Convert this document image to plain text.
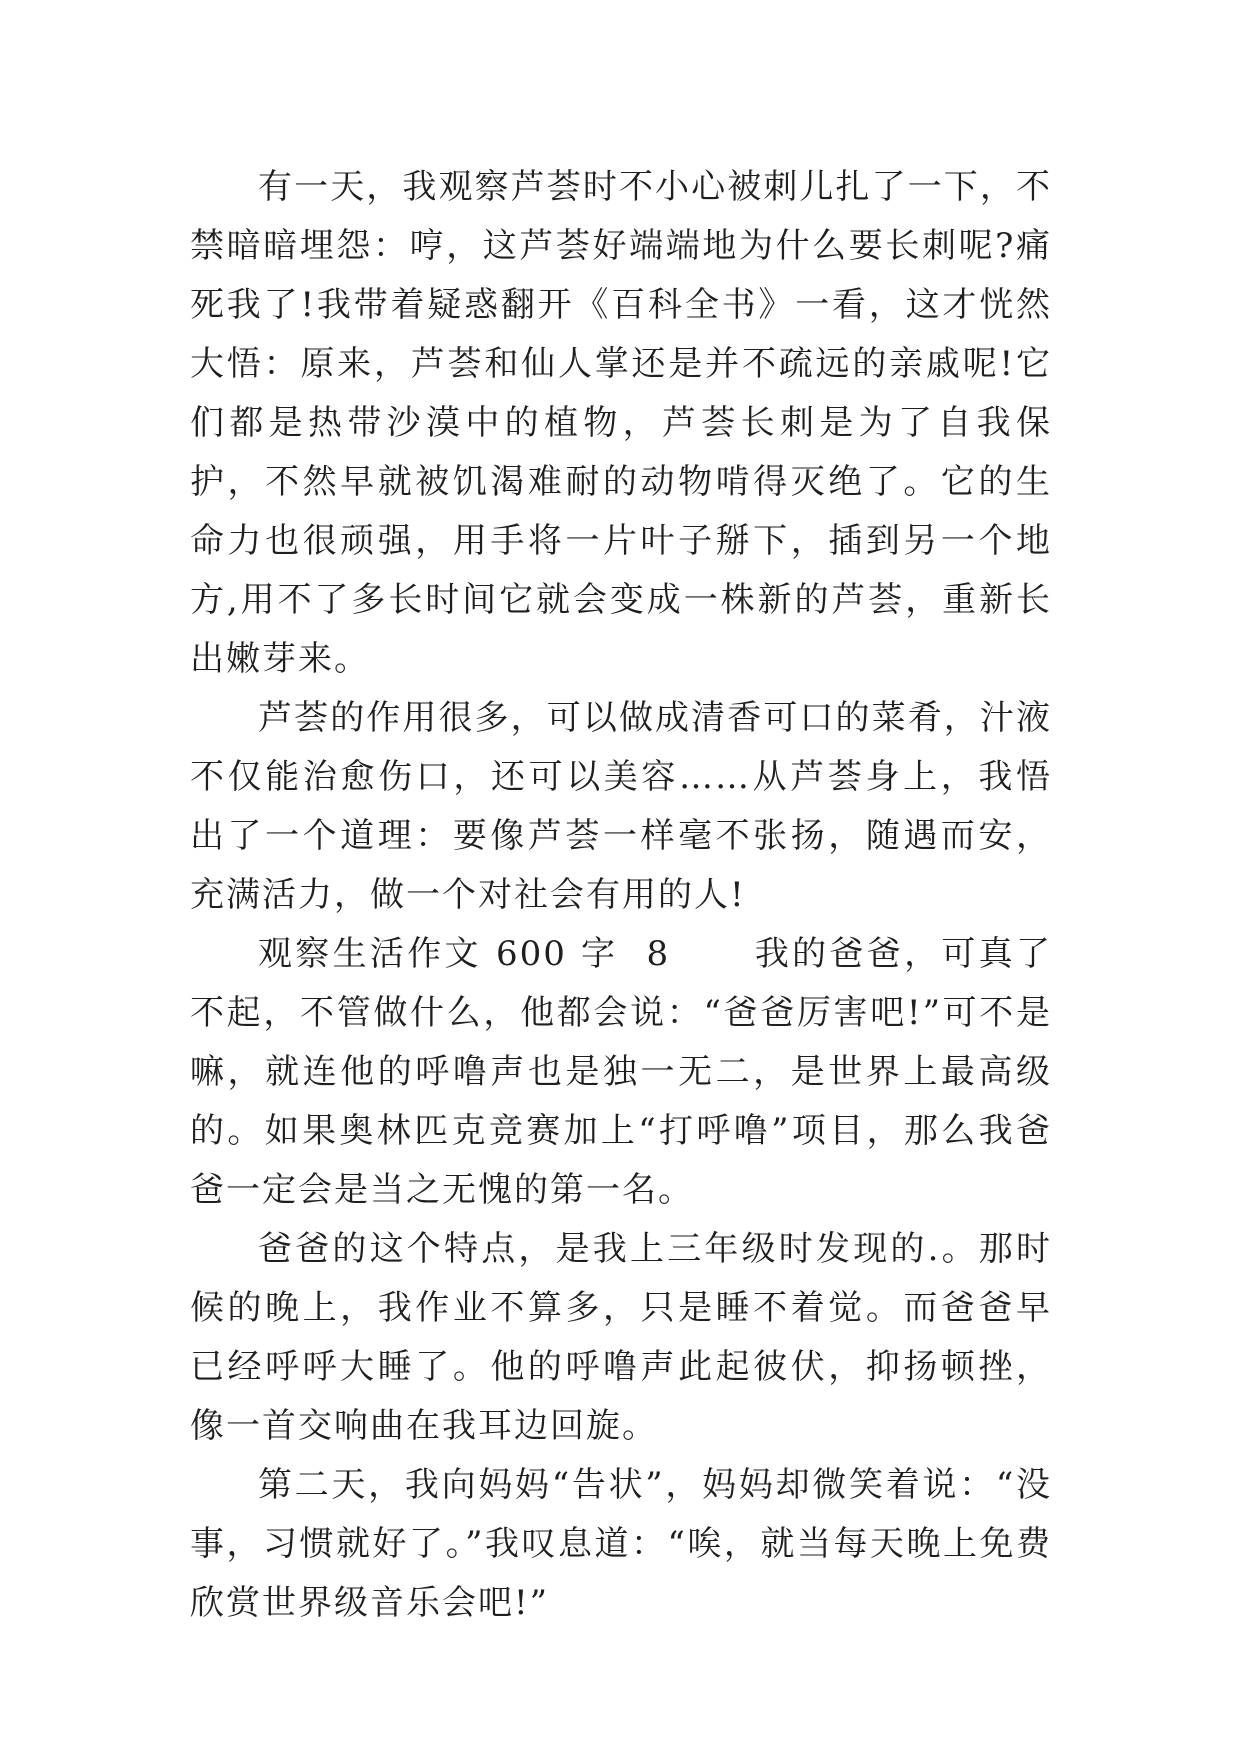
有一天，我观察芦荟时不小心被刺儿扎了一下，不禁暗暗埋怨：哼，这芦荟好端端地为什么要长刺呢?痛死我了!我带着疑惑翻开《百科全书》一看，这才恍然大悟：原来，芦荟和仙人掌还是并不疏远的亲戚呢!它们都是热带沙漠中的植物，芦荟长刺是为了自我保护，不然早就被饥渴难耐的动物啃得灭绝了。它的生命力也很顽强，用手将一片叶子掰下，插到另一个地方,用不了多长时间它就会变成一株新的芦荟，重新长出嫩芽来。

芦荟的作用很多，可以做成清香可口的菜肴，汁液不仅能治愈伤口，还可以美容……从芦荟身上，我悟出了一个道理：要像芦荟一样毫不张扬，随遇而安，充满活力，做一个对社会有用的人!

观察生活作文 600 字  8      我的爸爸，可真了不起，不管做什么，他都会说：“爸爸厉害吧!”可不是嘛，就连他的呼噜声也是独一无二，是世界上最高级的。如果奥林匹克竞赛加上“打呼噜”项目，那么我爸爸一定会是当之无愧的第一名。

爸爸的这个特点，是我上三年级时发现的.。那时候的晚上，我作业不算多，只是睡不着觉。而爸爸早已经呼呼大睡了。他的呼噜声此起彼伏，抑扬顿挫，像一首交响曲在我耳边回旋。

第二天，我向妈妈“告状”，妈妈却微笑着说：“没事，习惯就好了。”我叹息道：“唉，就当每天晚上免费欣赏世界级音乐会吧!”
